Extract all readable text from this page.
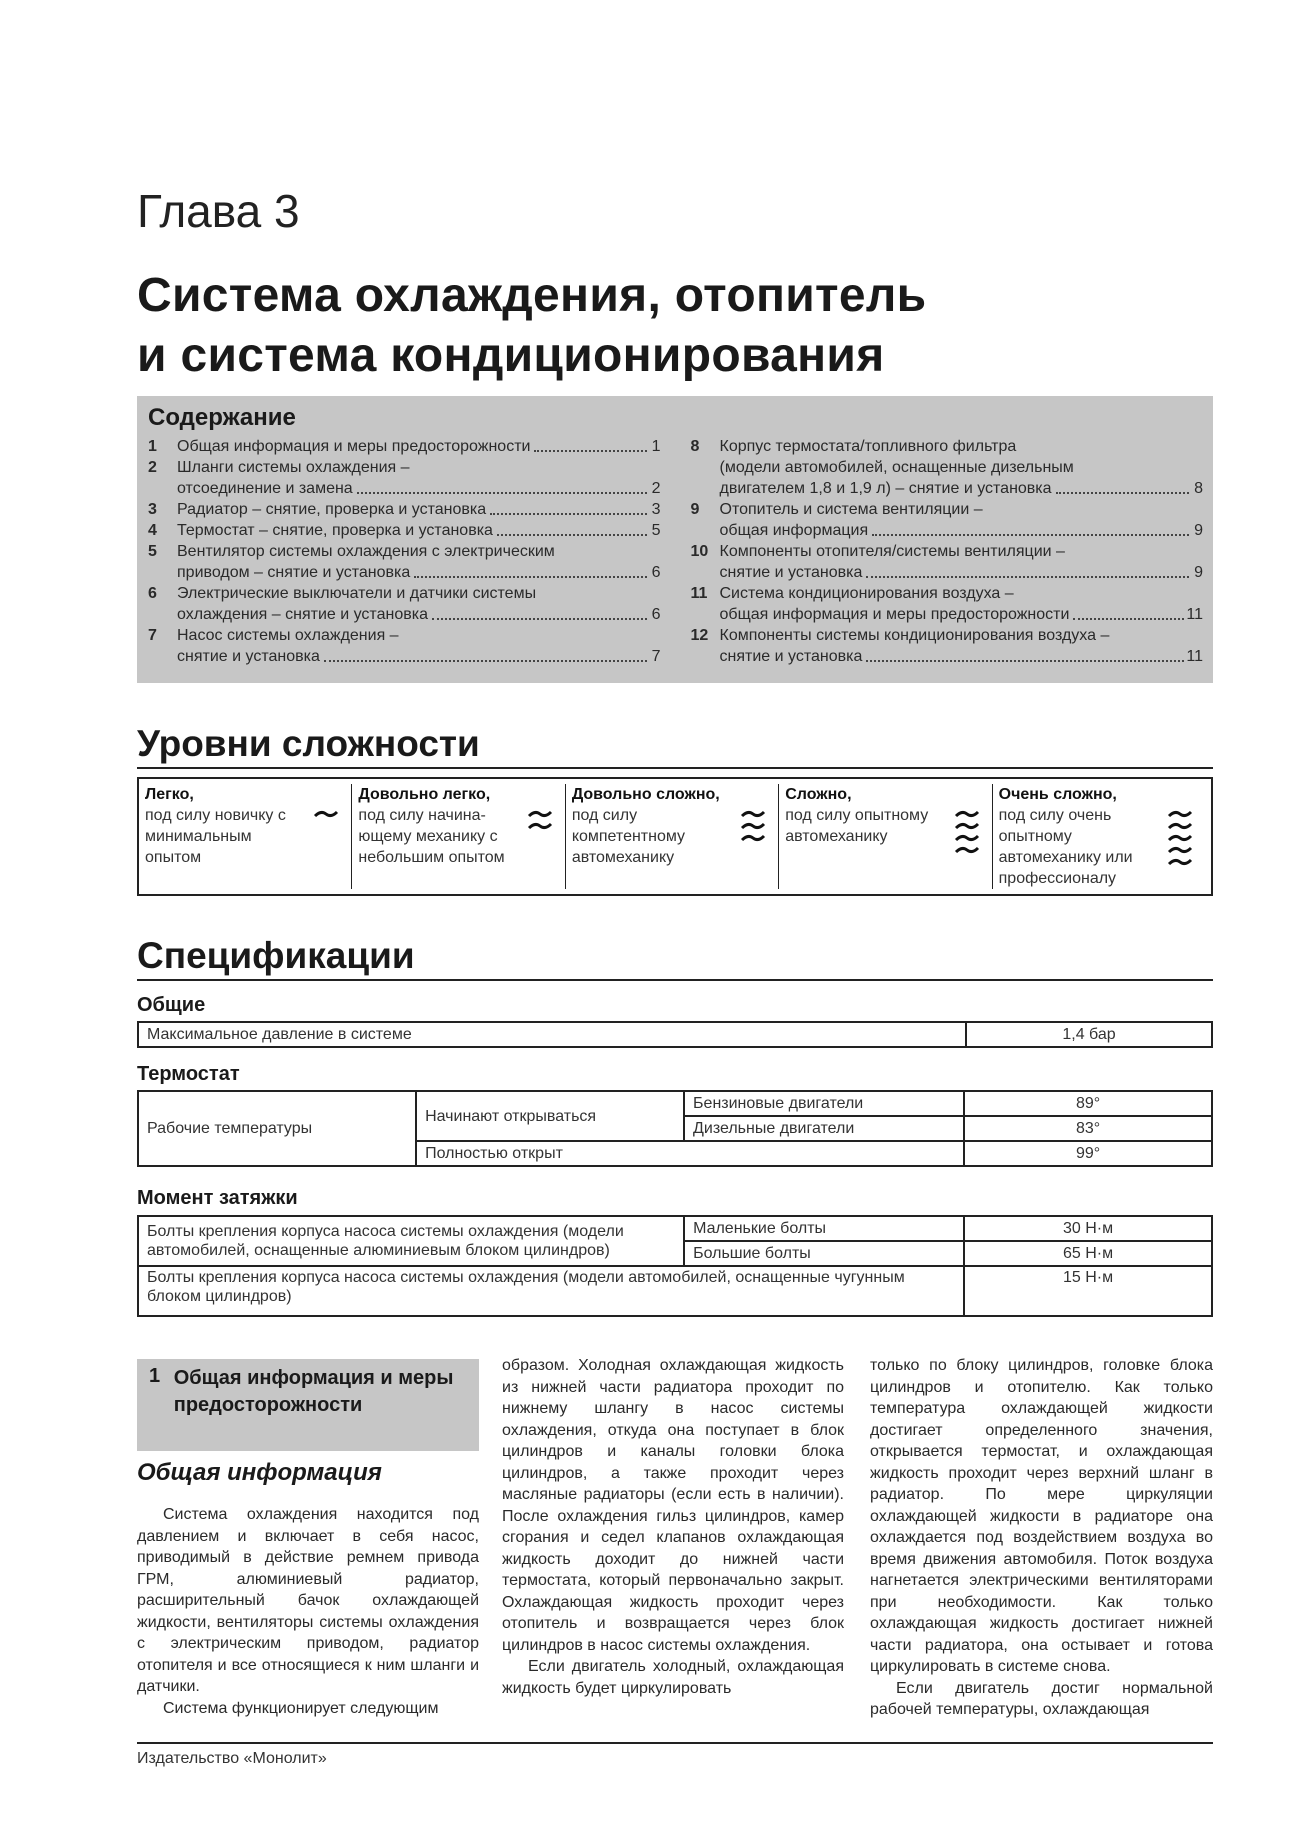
Глава 3
Система охлаждения, отопитель
и система кондиционирования
Содержание
1	Общая информация и меры предосторожности	1
2	Шланги системы охлаждения –
отсоединение и замена	2
3	Радиатор – снятие, проверка и установка	3
4	Термостат – снятие, проверка и установка	5
5	Вентилятор системы охлаждения с электрическим
приводом – снятие и установка	6
6	Электрические выключатели и датчики системы
охлаждения – снятие и установка	6
7	Насос системы охлаждения –
снятие и установка	7
8	Корпус термостата/топливного фильтра
(модели автомобилей, оснащенные дизельным
двигателем 1,8 и 1,9 л) – снятие и установка	8
9	Отопитель и система вентиляции –
общая информация	9
10 Компоненты отопителя/системы вентиляции –
снятие и установка	9
11 Система кондиционирования воздуха –
общая информация и меры предосторожности	11
12 Компоненты системы кондиционирования воздуха –
снятие и установка	11
Уровни сложности
Легко,
под силу новичку с минимальным опытом
Довольно легко,
под силу начина-ющему механику с небольшим опытом
Довольно сложно,
под силу компетентному автомеханику
Сложно,
под силу опытному автомеханику
Очень сложно,
под силу очень опытному автомеханику или профессионалу
Спецификации
Общие
Максимальное давление в системе	1,4 бар
Термостат
Рабочие температуры	Начинают открываться	Бензиновые двигатели	89°
		Дизельные двигатели	83°
	Полностью открыт		99°
Момент затяжки
Болты крепления корпуса насоса системы охлаждения (модели автомобилей, оснащенные алюминиевым блоком цилиндров)	Маленькие болты	30 Н·м
	Большие болты	65 Н·м
Болты крепления корпуса насоса системы охлаждения (модели автомобилей, оснащенные чугунным блоком цилиндров)		15 Н·м
1 Общая информация и меры предосторожности
Общая информация

Система охлаждения находится под давлением и включает в себя насос, приводимый в действие ремнем привода ГРМ, алюминиевый радиатор, расширительный бачок охлаждающей жидкости, вентиляторы системы охлаждения с электрическим приводом, радиатор отопителя и все относящиеся к ним шланги и датчики.

Система функционирует следующим

образом. Холодная охлаждающая жидкость из нижней части радиатора проходит по нижнему шлангу в насос системы охлаждения, откуда она поступает в блок цилиндров и каналы головки блока цилиндров, а также проходит через масляные радиаторы (если есть в наличии). После охлаждения гильз цилиндров, камер сгорания и седел клапанов охлаждающая жидкость доходит до нижней части термостата, который первоначально закрыт. Охлаждающая жидкость проходит через отопитель и возвращается через блок цилиндров в насос системы охлаждения.

Если двигатель холодный, охлаждающая жидкость будет циркулировать

только по блоку цилиндров, головке блока цилиндров и отопителю. Как только температура охлаждающей жидкости достигает определенного значения, открывается термостат, и охлаждающая жидкость проходит через верхний шланг в радиатор. По мере циркуляции охлаждающей жидкости в радиаторе она охлаждается под воздействием воздуха во время движения автомобиля. Поток воздуха нагнетается электрическими вентиляторами при необходимости. Как только охлаждающая жидкость достигает нижней части радиатора, она остывает и готова циркулировать в системе снова.

Если двигатель достиг нормальной рабочей температуры, охлаждающая

Издательство «Монолит»
